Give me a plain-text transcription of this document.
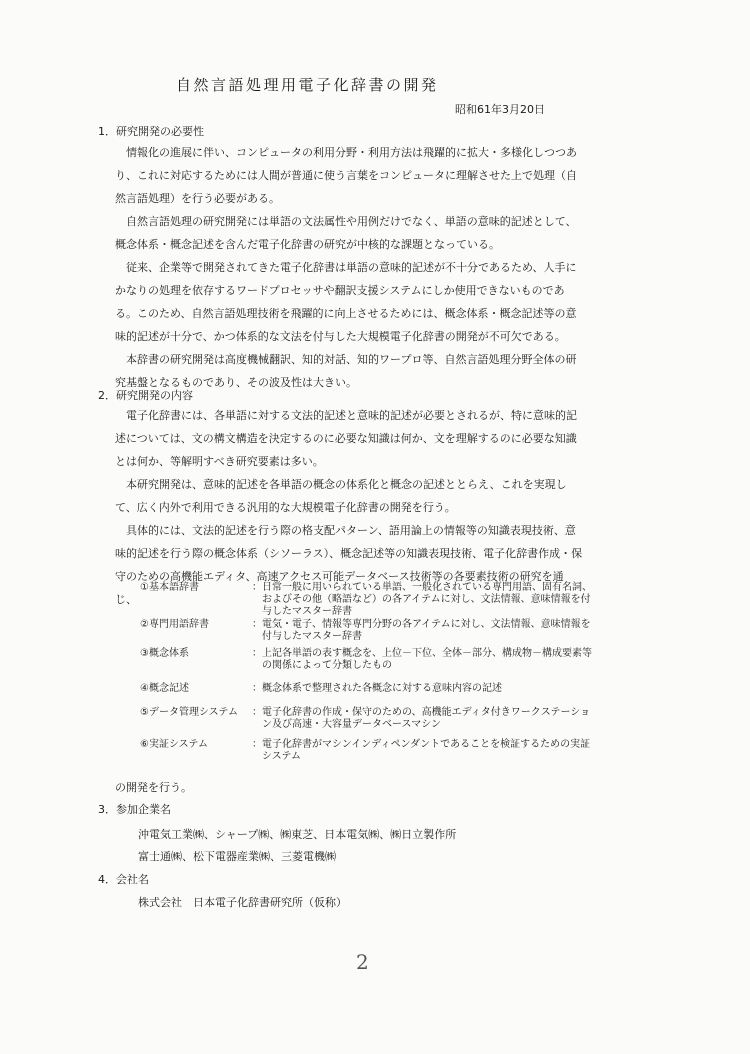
自然言語処理用電子化辞書の開発
昭和61年3月20日
1．研究開発の必要性

情報化の進展に伴い、コンピュータの利用分野・利用方法は飛躍的に拡大・多様化しつつあり、これに対応するためには人間が普通に使う言葉をコンピュータに理解させた上で処理（自然言語処理）を行う必要がある。

自然言語処理の研究開発には単語の文法属性や用例だけでなく、単語の意味的記述として、概念体系・概念記述を含んだ電子化辞書の研究が中核的な課題となっている。

従来、企業等で開発されてきた電子化辞書は単語の意味的記述が不十分であるため、人手にかなりの処理を依存するワードプロセッサや翻訳支援システムにしか使用できないものである。このため、自然言語処理技術を飛躍的に向上させるためには、概念体系・概念記述等の意味的記述が十分で、かつ体系的な文法を付与した大規模電子化辞書の開発が不可欠である。

本辞書の研究開発は高度機械翻訳、知的対話、知的ワープロ等、自然言語処理分野全体の研究基盤となるものであり、その波及性は大きい。

2．研究開発の内容

電子化辞書には、各単語に対する文法的記述と意味的記述が必要とされるが、特に意味的記述については、文の構文構造を決定するのに必要な知識は何か、文を理解するのに必要な知識とは何か、等解明すべき研究要素は多い。

本研究開発は、意味的記述を各単語の概念の体系化と概念の記述ととらえ、これを実現して、広く内外で利用できる汎用的な大規模電子化辞書の開発を行う。

具体的には、文法的記述を行う際の格支配パターン、語用論上の情報等の知識表現技術、意味的記述を行う際の概念体系（シソーラス）、概念記述等の知識表現技術、電子化辞書作成・保守のための高機能エディタ、高速アクセス可能データベース技術等の各要素技術の研究を通じ、

①基本語辞書	： 日常一般に用いられている単語、一般化されている専門用語、固有名詞、およびその他（略語など）の各アイテムに対し、文法情報、意味情報を付与したマスター辞書
②専門用語辞書	： 電気・電子、情報等専門分野の各アイテムに対し、文法情報、意味情報を付与したマスター辞書
③概念体系	： 上記各単語の表す概念を、上位－下位、全体－部分、構成物－構成要素等の関係によって分類したもの
④概念記述	： 概念体系で整理された各概念に対する意味内容の記述
⑤データ管理システム	： 電子化辞書の作成・保守のための、高機能エディタ付きワークステーション及び高速・大容量データベースマシン
⑥実証システム	： 電子化辞書がマシンインディペンダントであることを検証するための実証システム
の開発を行う。
3．参加企業名
沖電気工業㈱、シャープ㈱、㈱東芝、日本電気㈱、㈱日立製作所
富士通㈱、松下電器産業㈱、三菱電機㈱
4．会社名
株式会社　日本電子化辞書研究所（仮称）
2
